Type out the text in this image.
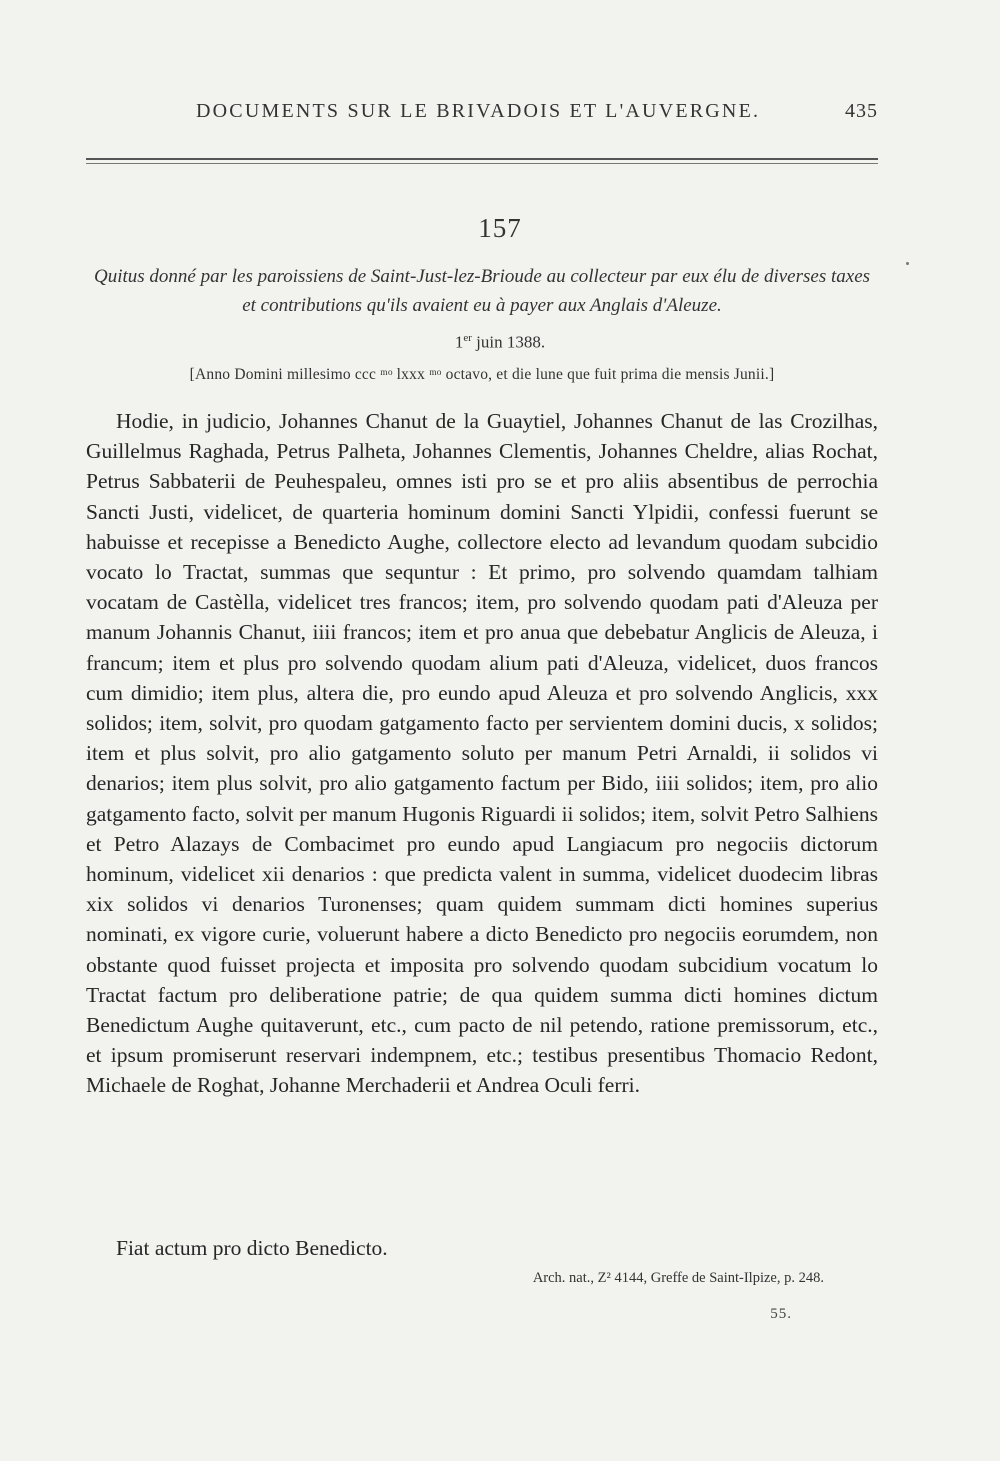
DOCUMENTS SUR LE BRIVADOIS ET L'AUVERGNE.	435
157
Quitus donné par les paroissiens de Saint-Just-lez-Brioude au collecteur par eux élu de diverses taxes
et contributions qu'ils avaient eu à payer aux Anglais d'Aleuze.
1er juin 1388.
[Anno Domini millesimo ccc ᵐᵒ lxxx ᵐᵒ octavo, et die lune que fuit prima die mensis Junii.]

Hodie, in judicio, Johannes Chanut de la Guaytiel, Johannes Chanut de las Crozilhas, Guillelmus Raghada, Petrus Palheta, Johannes Clementis, Johannes Cheldre, alias Rochat, Petrus Sabbaterii de Peuhespaleu, omnes isti pro se et pro aliis absentibus de perrochia Sancti Justi, videlicet, de quarteria hominum domini Sancti Ylpidii, confessi fuerunt se habuisse et recepisse a Benedicto Aughe, collectore electo ad levandum quodam subcidio vocato lo Tractat, summas que sequntur : Et primo, pro solvendo quamdam talhiam vocatam de Castèlla, videlicet tres francos; item, pro solvendo quodam pati d'Aleuza per manum Johannis Chanut, iiii francos; item et pro anua que debebatur Anglicis de Aleuza, i francum; item et plus pro solvendo quodam alium pati d'Aleuza, videlicet, duos francos cum dimidio; item plus, altera die, pro eundo apud Aleuza et pro solvendo Anglicis, xxx solidos; item, solvit, pro quodam gatgamento facto per servientem domini ducis, x solidos; item et plus solvit, pro alio gatgamento soluto per manum Petri Arnaldi, ii solidos vi denarios; item plus solvit, pro alio gatgamento factum per Bido, iiii solidos; item, pro alio gatgamento facto, solvit per manum Hugonis Riguardi ii solidos; item, solvit Petro Salhiens et Petro Alazays de Combacimet pro eundo apud Langiacum pro negociis dictorum hominum, videlicet xii denarios : que predicta valent in summa, videlicet duodecim libras xix solidos vi denarios Turonenses; quam quidem summam dicti homines superius nominati, ex vigore curie, voluerunt habere a dicto Benedicto pro negociis eorumdem, non obstante quod fuisset projecta et imposita pro solvendo quodam subcidium vocatum lo Tractat factum pro deliberatione patrie; de qua quidem summa dicti homines dictum Benedictum Aughe quitaverunt, etc., cum pacto de nil petendo, ratione premissorum, etc., et ipsum promiserunt reservari indempnem, etc.; testibus presentibus Thomacio Redont, Michaele de Roghat, Johanne Merchaderii et Andrea Oculi ferri.

Fiat actum pro dicto Benedicto.
Arch. nat., Z² 4144, Greffe de Saint-Ilpize, p. 248.
55.
